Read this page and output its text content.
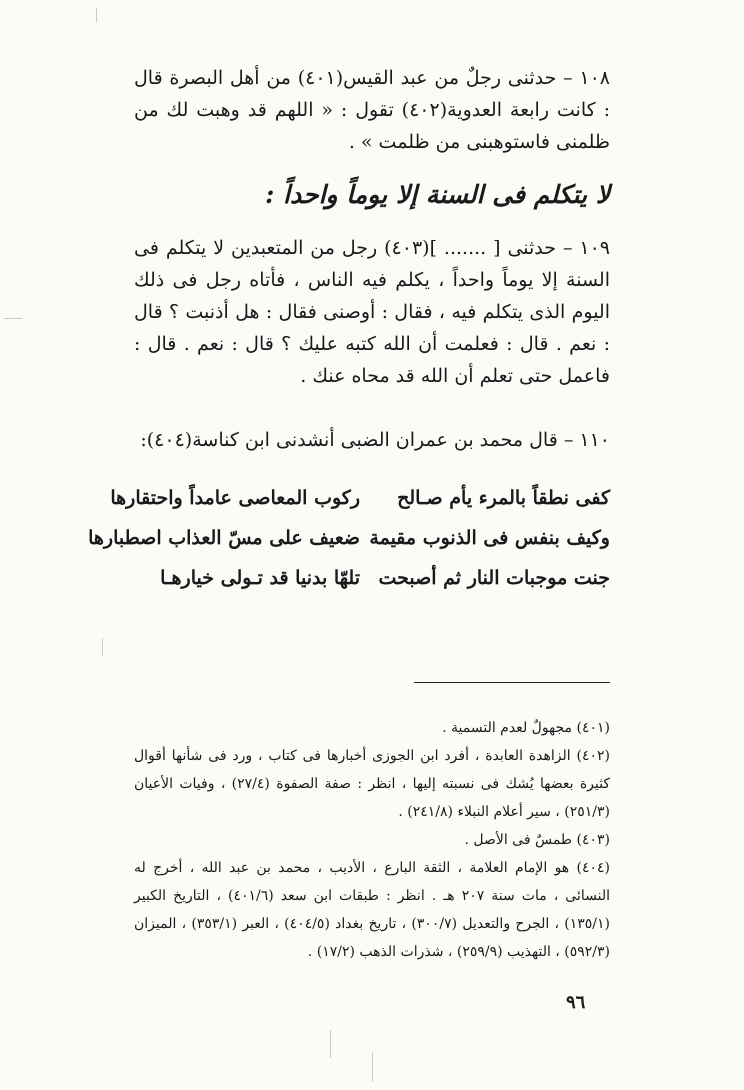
١٠٨ – حدثنى رجلٌ من عبد القيس(٤٠١) من أهل البصرة قال : كانت رابعة العدوية(٤٠٢) تقول : « اللهم قد وهبت لك من ظلمنى فاستوهبنى من ظلمت » .
لا يتكلم فى السنة إلا يوماً واحداً :
١٠٩ – حدثنى [ ....... ](٤٠٣) رجل من المتعبدين لا يتكلم فى السنة إلا يوماً واحداً ، يكلم فيه الناس ، فأتاه رجل فى ذلك اليوم الذى يتكلم فيه ، فقال : أوصنى فقال : هل أذنبت ؟ قال : نعم . قال : فعلمت أن الله كتبه عليك ؟ قال : نعم . قال : فاعمل حتى تعلم أن الله قد محاه عنك .
١١٠ – قال محمد بن عمران الضبى أنشدنى ابن كناسة(٤٠٤):
كفى نطقاً بالمرء يأم صـالح
ركوب المعاصى عامداً واحتقارها
وكيف بنفس فى الذنوب مقيمة
ضعيف على مسّ العذاب اصطبارها
جنت موجبات النار ثم أصبحت
تلهّا بدنيا قد تـولى خيارهـا
(٤٠١) مجهولٌ لعدم التسمية .
(٤٠٢) الزاهدة العابدة ، أفرد ابن الجوزى أخبارها فى كتاب ، ورد فى شأنها أقوال كثيرة بعضها يُشك فى نسبته إليها ، انظر : صفة الصفوة (٢٧/٤) ، وفيات الأعيان (٢٥١/٣) ، سير أعلام النبلاء (٢٤١/٨) .
(٤٠٣) طمسٌ فى الأصل .
(٤٠٤) هو الإمام العلامة ، الثقة البارع ، الأديب ، محمد بن عبد الله ، أخرج له النسائى ، مات سنة ٢٠٧ هـ . انظر : طبقات ابن سعد (٤٠١/٦) ، التاريخ الكبير (١٣٥/١) ، الجرح والتعديل (٣٠٠/٧) ، تاريخ بغداد (٤٠٤/٥) ، العبر (٣٥٣/١) ، الميزان (٥٩٢/٣) ، التهذيب (٢٥٩/٩) ، شذرات الذهب (١٧/٢) .
٩٦
